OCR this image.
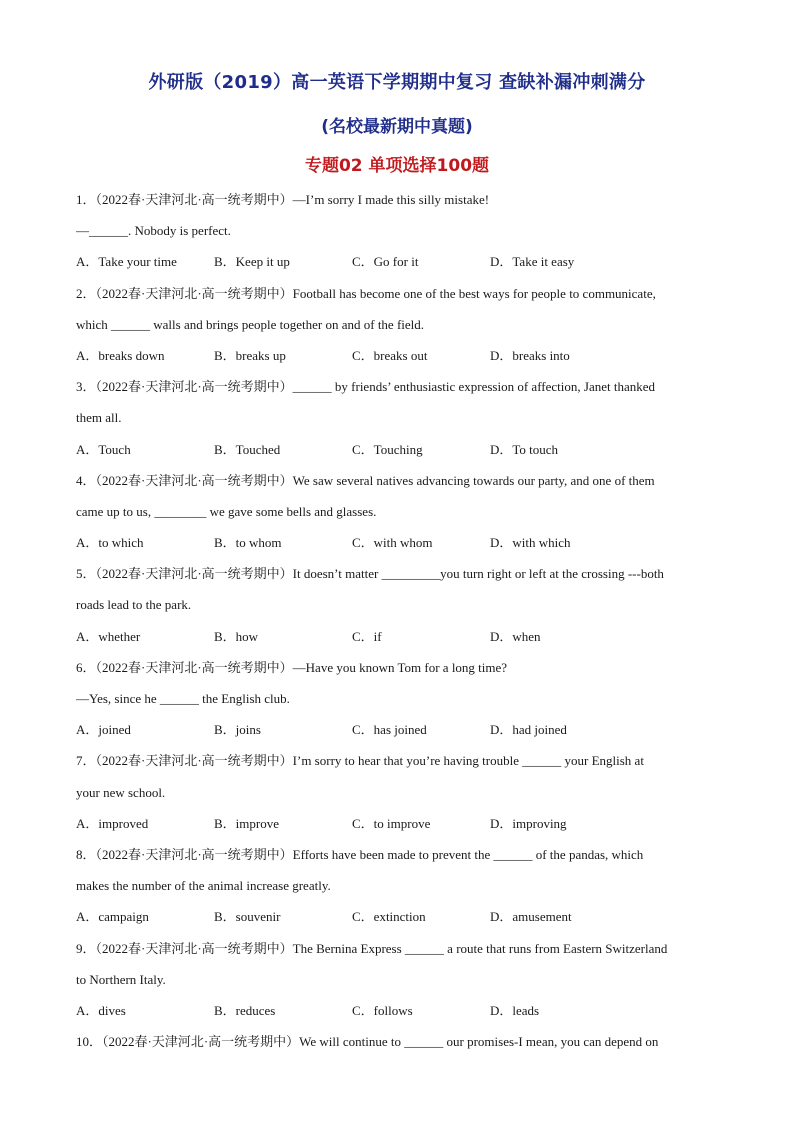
外研版（2019）高一英语下学期期中复习 查缺补漏冲刺满分
(名校最新期中真题)
专题02 单项选择100题
1．（2022春·天津河北·高一统考期中）—I’m sorry I made this silly mistake!
—______. Nobody is perfect.
A．Take your time	B．Keep it up	C．Go for it	D．Take it easy
2．（2022春·天津河北·高一统考期中）Football has become one of the best ways for people to communicate,
which ______ walls and brings people together on and of the field.
A．breaks down	B．breaks up	C．breaks out	D．breaks into
3．（2022春·天津河北·高一统考期中）______ by friends’ enthusiastic expression of affection, Janet thanked
them all.
A．Touch	B．Touched	C．Touching	D．To touch
4．（2022春·天津河北·高一统考期中）We saw several natives advancing towards our party, and one of them
came up to us, ________ we gave some bells and glasses.
A．to which	B．to whom	C．with whom	D．with which
5．（2022春·天津河北·高一统考期中）It doesn’t matter _________you turn right or left at the crossing ---both
roads lead to the park.
A．whether	B．how	C．if	D．when
6．（2022春·天津河北·高一统考期中）—Have you known Tom for a long time?
—Yes, since he ______ the English club.
A．joined	B．joins	C．has joined	D．had joined
7．（2022春·天津河北·高一统考期中）I’m sorry to hear that you’re having trouble ______ your English at
your new school.
A．improved	B．improve	C．to improve	D．improving
8．（2022春·天津河北·高一统考期中）Efforts have been made to prevent the ______ of the pandas, which
makes the number of the animal increase greatly.
A．campaign	B．souvenir	C．extinction	D．amusement
9．（2022春·天津河北·高一统考期中）The Bernina Express ______ a route that runs from Eastern Switzerland
to Northern Italy.
A．dives	B．reduces	C．follows	D．leads
10．（2022春·天津河北·高一统考期中）We will continue to ______ our promises-I mean, you can depend on
